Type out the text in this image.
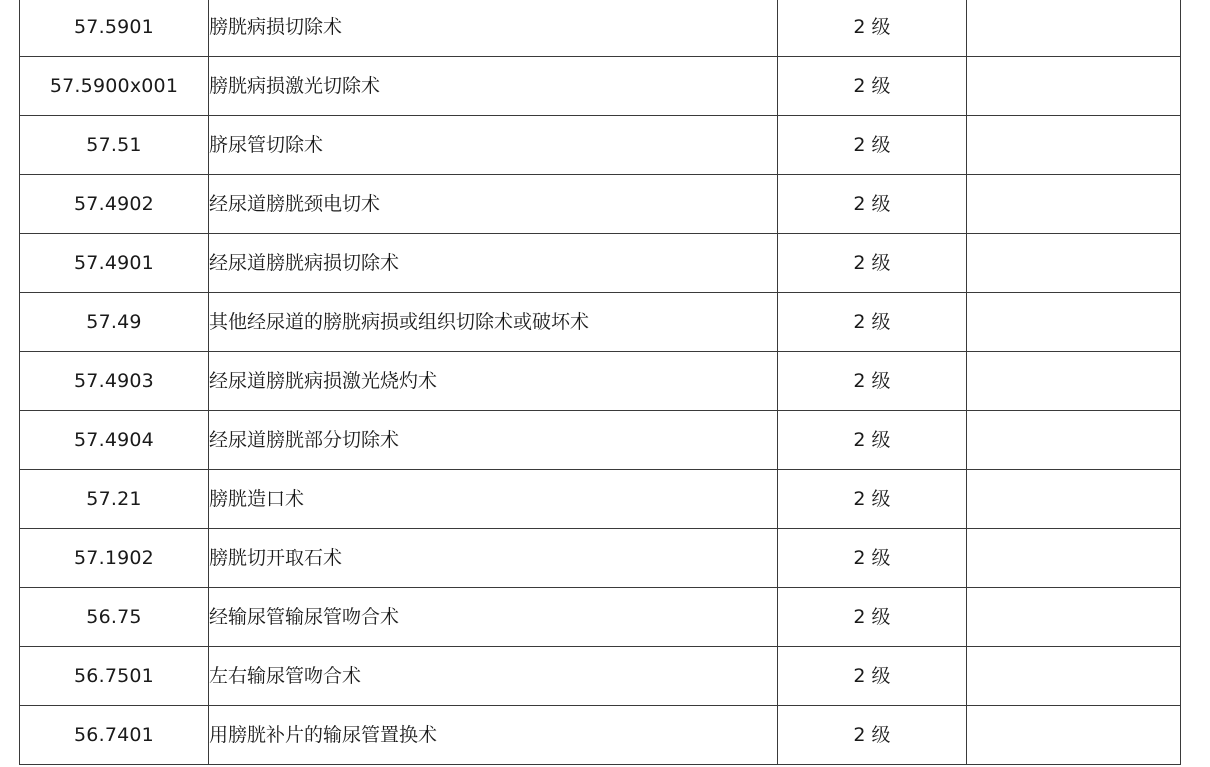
57.5901	膀胱病损切除术	2 级	
57.5900x001	膀胱病损激光切除术	2 级	
57.51	脐尿管切除术	2 级	
57.4902	经尿道膀胱颈电切术	2 级	
57.4901	经尿道膀胱病损切除术	2 级	
57.49	其他经尿道的膀胱病损或组织切除术或破坏术	2 级	
57.4903	经尿道膀胱病损激光烧灼术	2 级	
57.4904	经尿道膀胱部分切除术	2 级	
57.21	膀胱造口术	2 级	
57.1902	膀胱切开取石术	2 级	
56.75	经输尿管输尿管吻合术	2 级	
56.7501	左右输尿管吻合术	2 级	
56.7401	用膀胱补片的输尿管置换术	2 级	
